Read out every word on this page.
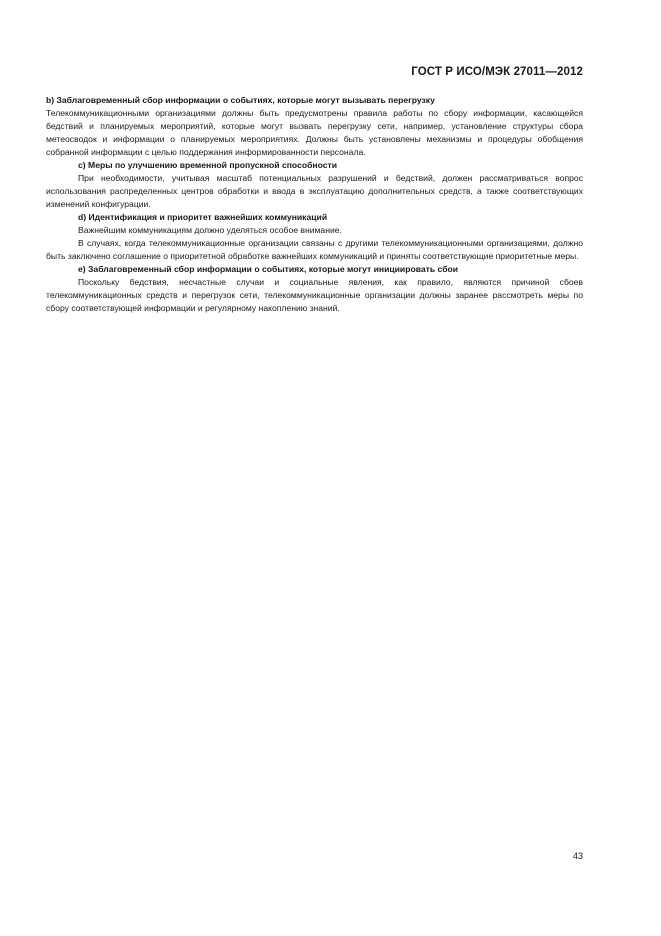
ГОСТ Р ИСО/МЭК 27011—2012

b) Заблаговременный сбор информации о событиях, которые могут вызывать перегрузку

Телекоммуникационными организациями должны быть предусмотрены правила работы по сбору информации, касающейся бедствий и планируемых мероприятий, которые могут вызвать перегрузку сети, например, установление структуры сбора метеосводок и информации о планируемых мероприятиях. Должны быть установлены механизмы и процедуры обобщения собранной информации с целью поддержания информированности персонала.

c) Меры по улучшению временной пропускной способности

При необходимости, учитывая масштаб потенциальных разрушений и бедствий, должен рассматриваться вопрос использования распределенных центров обработки и ввода в эксплуатацию дополнительных средств, а также соответствующих изменений конфигурации.

d) Идентификация и приоритет важнейших коммуникаций

Важнейшим коммуникациям должно уделяться особое внимание.

В случаях, когда телекоммуникационные организации связаны с другими телекоммуникационными организациями, должно быть заключено соглашение о приоритетной обработке важнейших коммуникаций и приняты соответствующие приоритетные меры.

e) Заблаговременный сбор информации о событиях, которые могут инициировать сбои

Поскольку бедствия, несчастные случаи и социальные явления, как правило, являются причиной сбоев телекоммуникационных средств и перегрузок сети, телекоммуникационные организации должны заранее рассмотреть меры по сбору соответствующей информации и регулярному накоплению знаний.

43
